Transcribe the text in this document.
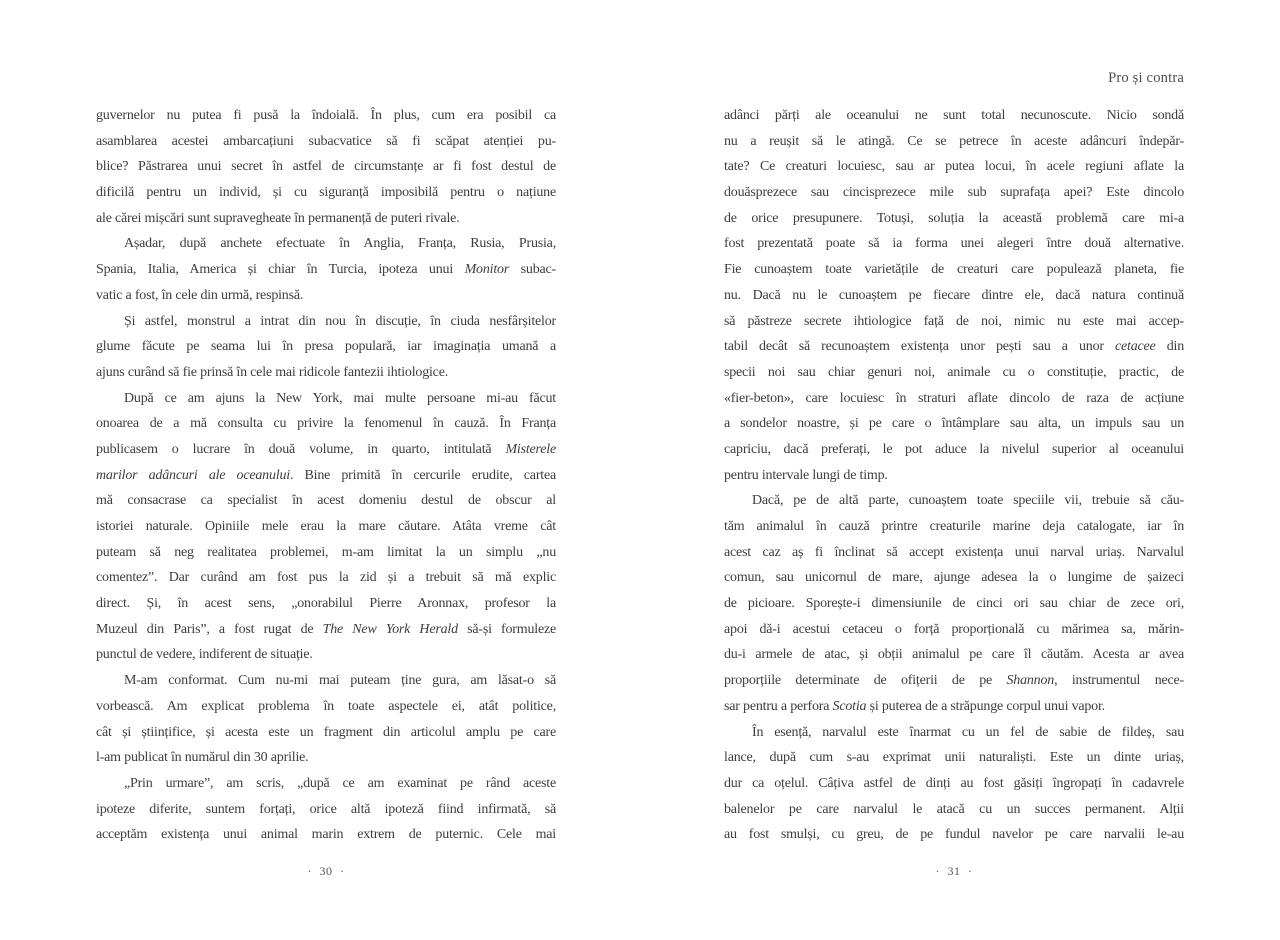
Pro și contra
guvernelor nu putea fi pusă la îndoială. În plus, cum era posibil ca
asamblarea acestei ambarcațiuni subacvatice să fi scăpat atenției pu-
blice? Păstrarea unui secret în astfel de circumstanțe ar fi fost destul de
dificilă pentru un individ, și cu siguranță imposibilă pentru o națiune
ale cărei mișcări sunt supravegheate în permanență de puteri rivale.
Așadar, după anchete efectuate în Anglia, Franța, Rusia, Prusia,
Spania, Italia, America și chiar în Turcia, ipoteza unui Monitor subac-
vatic a fost, în cele din urmă, respinsă.
Și astfel, monstrul a intrat din nou în discuție, în ciuda nesfârșitelor
glume făcute pe seama lui în presa populară, iar imaginația umană a
ajuns curând să fie prinsă în cele mai ridicole fantezii ihtiologice.
După ce am ajuns la New York, mai multe persoane mi-au făcut
onoarea de a mă consulta cu privire la fenomenul în cauză. În Franța
publicasem o lucrare în două volume, in quarto, intitulată Misterele
marilor adâncuri ale oceanului. Bine primită în cercurile erudite, cartea
mă consacrase ca specialist în acest domeniu destul de obscur al
istoriei naturale. Opiniile mele erau la mare căutare. Atâta vreme cât
puteam să neg realitatea problemei, m-am limitat la un simplu „nu
comentez”. Dar curând am fost pus la zid și a trebuit să mă explic
direct. Și, în acest sens, „onorabilul Pierre Aronnax, profesor la
Muzeul din Paris”, a fost rugat de The New York Herald să-și formuleze
punctul de vedere, indiferent de situație.
M-am conformat. Cum nu-mi mai puteam ține gura, am lăsat-o să
vorbească. Am explicat problema în toate aspectele ei, atât politice,
cât și științifice, și acesta este un fragment din articolul amplu pe care
l-am publicat în numărul din 30 aprilie.
„Prin urmare”, am scris, „după ce am examinat pe rând aceste
ipoteze diferite, suntem forțați, orice altă ipoteză fiind infirmată, să
acceptăm existența unui animal marin extrem de puternic. Cele mai
adânci părți ale oceanului ne sunt total necunoscute. Nicio sondă
nu a reușit să le atingă. Ce se petrece în aceste adâncuri îndepăr-
tate? Ce creaturi locuiesc, sau ar putea locui, în acele regiuni aflate la
douăsprezece sau cincisprezece mile sub suprafața apei? Este dincolo
de orice presupunere. Totuși, soluția la această problemă care mi-a
fost prezentată poate să ia forma unei alegeri între două alternative.
Fie cunoaștem toate varietățile de creaturi care populează planeta, fie
nu. Dacă nu le cunoaștem pe fiecare dintre ele, dacă natura continuă
să păstreze secrete ihtiologice față de noi, nimic nu este mai accep-
tabil decât să recunoaștem existența unor pești sau a unor cetacee din
specii noi sau chiar genuri noi, animale cu o constituție, practic, de
«fier-beton», care locuiesc în straturi aflate dincolo de raza de acțiune
a sondelor noastre, și pe care o întâmplare sau alta, un impuls sau un
capriciu, dacă preferați, le pot aduce la nivelul superior al oceanului
pentru intervale lungi de timp.
Dacă, pe de altă parte, cunoaștem toate speciile vii, trebuie să cău-
tăm animalul în cauză printre creaturile marine deja catalogate, iar în
acest caz aș fi înclinat să accept existența unui narval uriaș. Narvalul
comun, sau unicornul de mare, ajunge adesea la o lungime de șaizeci
de picioare. Sporește-i dimensiunile de cinci ori sau chiar de zece ori,
apoi dă-i acestui cetaceu o forță proporțională cu mărimea sa, mărin-
du-i armele de atac, și obții animalul pe care îl căutăm. Acesta ar avea
proporțiile determinate de ofițerii de pe Shannon, instrumentul nece-
sar pentru a perfora Scotia și puterea de a străpunge corpul unui vapor.
În esență, narvalul este înarmat cu un fel de sabie de fildeș, sau
lance, după cum s-au exprimat unii naturaliști. Este un dinte uriaș,
dur ca oțelul. Câțiva astfel de dinți au fost găsiți îngropați în cadavrele
balenelor pe care narvalul le atacă cu un succes permanent. Alții
au fost smulși, cu greu, de pe fundul navelor pe care narvalii le-au
· 30 ·	· 31 ·
